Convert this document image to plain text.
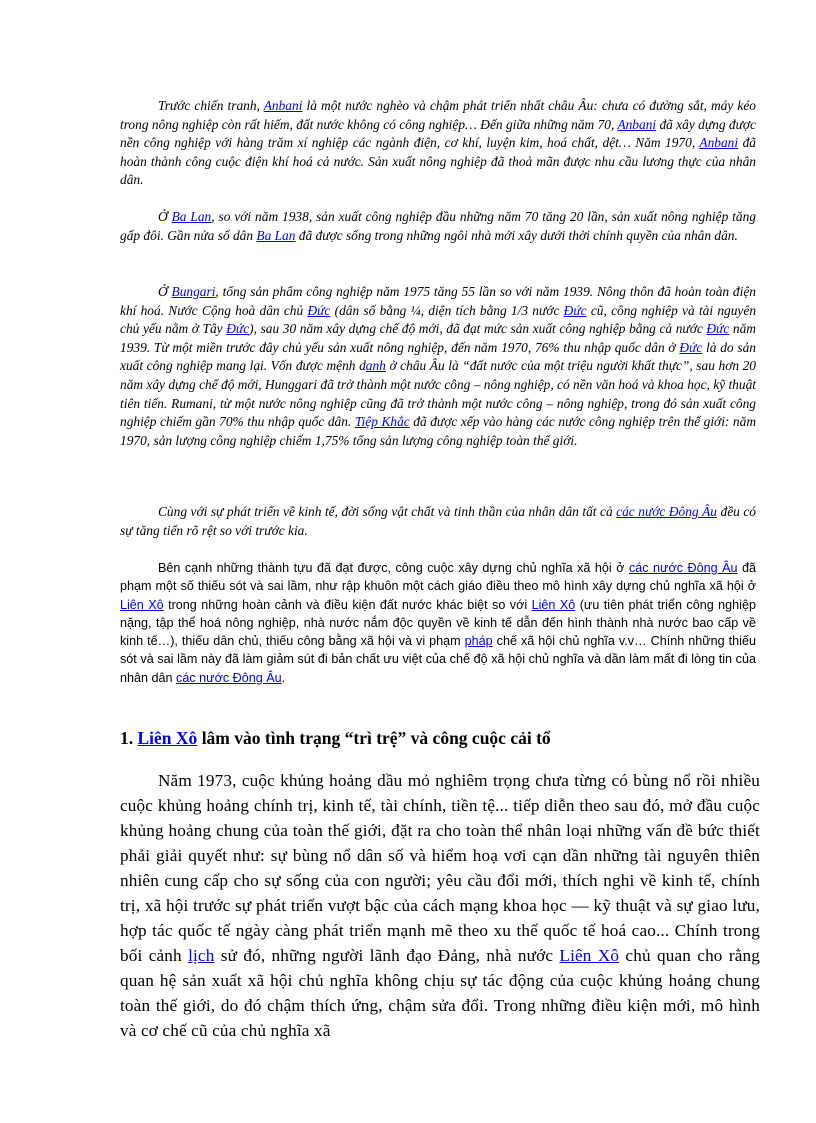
Trước chiến tranh, Anbani là một nước nghèo và chậm phát triển nhất châu Âu: chưa có đường sắt, máy kéo trong nông nghiệp còn rất hiếm, đất nước không có công nghiệp… Đến giữa những năm 70, Anbani đã xây dựng được nền công nghiệp với hàng trăm xí nghiệp các ngành điện, cơ khí, luyện kim, hoá chất, dệt… Năm 1970, Anbani đã hoàn thành công cuộc điện khí hoá cả nước. Sản xuất nông nghiệp đã thoả mãn được nhu cầu lương thực của nhân dân.

Ở Ba Lan, so với năm 1938, sản xuất công nghiệp đầu những năm 70 tăng 20 lần, sản xuất nông nghiệp tăng gấp đôi. Gần nửa số dân Ba Lan đã được sống trong những ngôi nhà mới xây dưới thời chính quyền của nhân dân.

Ở Bungari, tổng sản phẩm công nghiệp năm 1975 tăng 55 lần so với năm 1939. Nông thôn đã hoàn toàn điện khí hoá. Nước Cộng hoà dân chủ Đức (dân số bằng ¼, diện tích bằng 1/3 nước Đức cũ, công nghiệp và tài nguyên chủ yếu nằm ở Tây Đức), sau 30 năm xây dựng chế độ mới, đã đạt mức sản xuất công nghiệp bằng cả nước Đức năm 1939. Từ một miền trước đây chủ yếu sản xuất nông nghiệp, đến năm 1970, 76% thu nhập quốc dân ở Đức là do sản xuất công nghiệp mang lại. Vốn được mệnh danh ở châu Âu là “đất nước của một triệu người khất thực”, sau hơn 20 năm xây dựng chế độ mới, Hunggari đã trở thành một nước công – nông nghiệp, có nền văn hoá và khoa học, kỹ thuật tiên tiến. Rumani, từ một nước nông nghiệp cũng đã trở thành một nước công – nông nghiệp, trong đó sản xuất công nghiệp chiếm gần 70% thu nhập quốc dân. Tiệp Khắc đã được xếp vào hàng các nước công nghiệp trên thế giới: năm 1970, sản lượng công nghiệp chiếm 1,75% tổng sản lượng công nghiệp toàn thế giới.

Cùng với sự phát triển về kinh tế, đời sống vật chất và tinh thần của nhân dân tất cả các nước Đông Âu đều có sự tăng tiến rõ rệt so với trước kia.

Bên cạnh những thành tựu đã đạt được, công cuộc xây dựng chủ nghĩa xã hội ở các nước Đông Âu đã phạm một số thiếu sót và sai lầm, như rập khuôn một cách giáo điều theo mô hình xây dựng chủ nghĩa xã hội ở Liên Xô trong những hoàn cảnh và điều kiện đất nước khác biệt so với Liên Xô (ưu tiên phát triển công nghiệp nặng, tập thể hoá nông nghiệp, nhà nước nắm độc quyền về kinh tế dẫn đến hình thành nhà nước bao cấp về kinh tế…), thiếu dân chủ, thiếu công bằng xã hội và vi phạm pháp chế xã hội chủ nghĩa v.v… Chính những thiếu sót và sai lầm này đã làm giảm sút đi bản chất ưu việt của chế độ xã hội chủ nghĩa và dần làm mất đi lòng tin của nhân dân các nước Đông Âu.

1. Liên Xô lâm vào tình trạng “trì trệ” và công cuộc cải tổ

Năm 1973, cuộc khủng hoảng dầu mỏ nghiêm trọng chưa từng có bùng nổ rồi nhiều cuộc khủng hoảng chính trị, kinh tế, tài chính, tiền tệ... tiếp diễn theo sau đó, mở đầu cuộc khủng hoảng chung của toàn thế giới, đặt ra cho toàn thể nhân loại những vấn đề bức thiết phải giải quyết như: sự bùng nổ dân số và hiểm hoạ vơi cạn dần những tài nguyên thiên nhiên cung cấp cho sự sống của con người; yêu cầu đổi mới, thích nghi về kinh tế, chính trị, xã hội trước sự phát triển vượt bậc của cách mạng khoa học — kỹ thuật và sự giao lưu, hợp tác quốc tế ngày càng phát triển mạnh mẽ theo xu thế quốc tế hoá cao... Chính trong bối cảnh lịch sử đó, những người lãnh đạo Đảng, nhà nước Liên Xô chủ quan cho rằng quan hệ sản xuất xã hội chủ nghĩa không chịu sự tác động của cuộc khủng hoảng chung toàn thế giới, do đó chậm thích ứng, chậm sửa đổi. Trong những điều kiện mới, mô hình và cơ chế cũ của chủ nghĩa xã
